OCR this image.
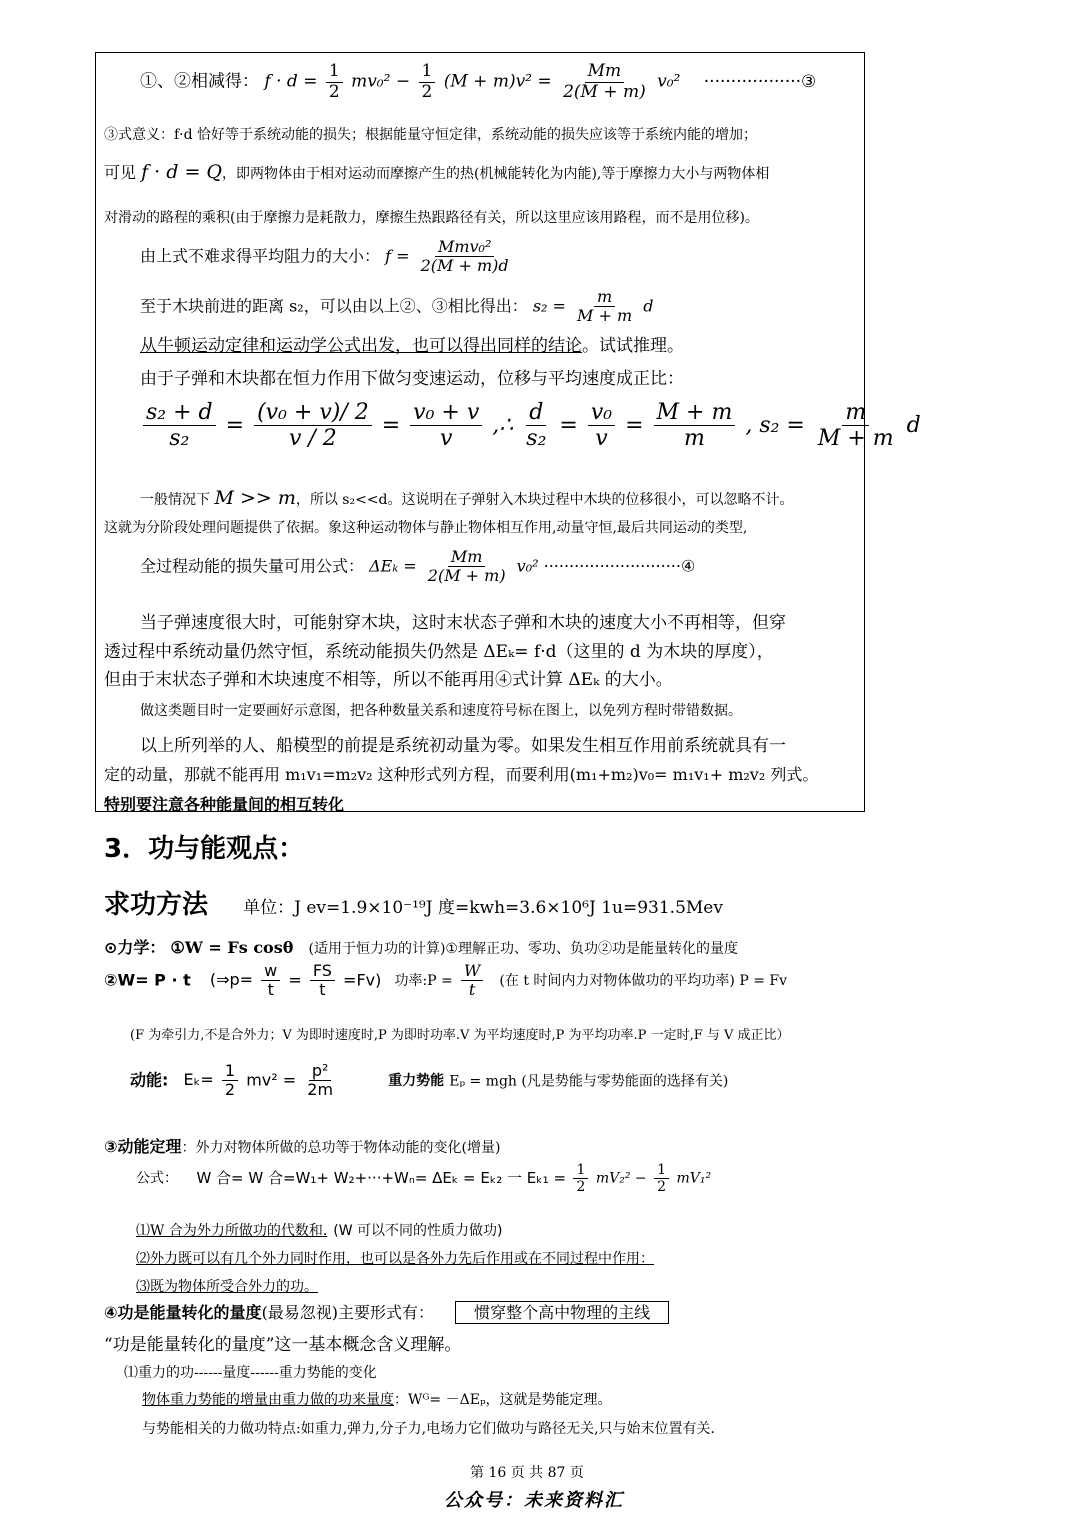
①、②相减得： $f \cdot d = \frac{1}{2} mv_0^2 - \frac{1}{2} (M + m)v^2 = \frac{Mm}{2(M + m)} v_0^2$ ··················③
③式意义：f·d 恰好等于系统动能的损失；根据能量守恒定律，系统动能的损失应该等于系统内能的增加；
可见 f · d = Q，即两物体由于相对运动而摩擦产生的热(机械能转化为内能),等于摩擦力大小与两物体相
对滑动的路程的乘积(由于摩擦力是耗散力，摩擦生热跟路径有关，所以这里应该用路程，而不是用位移)。
由上式不难求得平均阻力的大小： $f = \frac{\text{Mmv₀²}}{2(M + m)d}$
至于木块前进的距离 s₂，可以由以上②、③相比得出： $s_2 = \frac{m}{M + m}$ d
从牛顿运动定律和运动学公式出发，也可以得出同样的结论。试试推理。
由于子弹和木块都在恒力作用下做匀变速运动，位移与平均速度成正比：
$\frac{\text{s₂ + d}}{\text{s₂}} = \frac{\text{(v₀ + v)/ 2}}{v / 2} = \frac{\text{v₀ + v}}{v}$ ,∴ $\frac{d}{\text{s₂}} = \frac{\text{v₀}}{v} = \frac{M + m}{m}$ , $s_2 = \frac{m}{M + m}$ d
一般情况下 M >> m，所以 s₂<<d。这说明在子弹射入木块过程中木块的位移很小，可以忽略不计。
这就为分阶段处理问题提供了依据。象这种运动物体与静止物体相互作用,动量守恒,最后共同运动的类型,
全过程动能的损失量可用公式： $\Delta E_k = \frac{Mm}{2(M + m)} v_0^2$ ···························④
当子弹速度很大时，可能射穿木块，这时末状态子弹和木块的速度大小不再相等，但穿
透过程中系统动量仍然守恒，系统动能损失仍然是 ΔEₖ= f·d（这里的 d 为木块的厚度），
但由于末状态子弹和木块速度不相等，所以不能再用④式计算 ΔEₖ 的大小。
做这类题目时一定要画好示意图，把各种数量关系和速度符号标在图上，以免列方程时带错数据。
以上所列举的人、船模型的前提是系统初动量为零。如果发生相互作用前系统就具有一
定的动量，那就不能再用 m₁v₁=m₂v₂ 这种形式列方程，而要利用(m₁+m₂)v₀= m₁v₁+ m₂v₂ 列式。
特别要注意各种能量间的相互转化
3．功与能观点：
求功方法 单位：J ev=1.9×10⁻¹⁹J 度=kwh=3.6×10⁶J 1u=931.5Mev
⊙力学： ①W = Fs cosθ (适用于恒力功的计算)①理解正功、零功、负功②功是能量转化的量度
②W= P · t (⇒p= $\frac{w}{t} = \frac{FS}{t} =Fv$) 功率:P = $\frac{W}{t}$ (在 t 时间内力对物体做功的平均功率) P = Fv
(F 为牵引力,不是合外力；V 为即时速度时,P 为即时功率.V 为平均速度时,P 为平均功率.P 一定时,F 与 V 成正比）
动能: $E_k= \frac{1}{2} mv^2 = \frac{\text{p²}}{2m}$	重力势能 Eₚ = mgh (凡是势能与零势能面的选择有关)
③动能定理：外力对物体所做的总功等于物体动能的变化(增量)
公式： W 合= W 合=W₁+ W₂+···+Wₙ= ΔEₖ = Eₖ₂ 一 $E_{k1} = \frac{1}{2} mV_2^2 - \frac{1}{2} mV_1^2$
⑴W 合为外力所做功的代数和. (W 可以不同的性质力做功)
⑵外力既可以有几个外力同时作用，也可以是各外力先后作用或在不同过程中作用：
⑶既为物体所受合外力的功。
④功是能量转化的量度(最易忽视)主要形式有：	惯穿整个高中物理的主线
“功是能量转化的量度”这一基本概念含义理解。
⑴重力的功------量度------重力势能的变化
物体重力势能的增量由重力做的功来量度：Wᴳ= －ΔEₚ，这就是势能定理。
与势能相关的力做功特点:如重力,弹力,分子力,电场力它们做功与路径无关,只与始末位置有关.
第 16 页 共 87 页
公众号：未来资料汇
